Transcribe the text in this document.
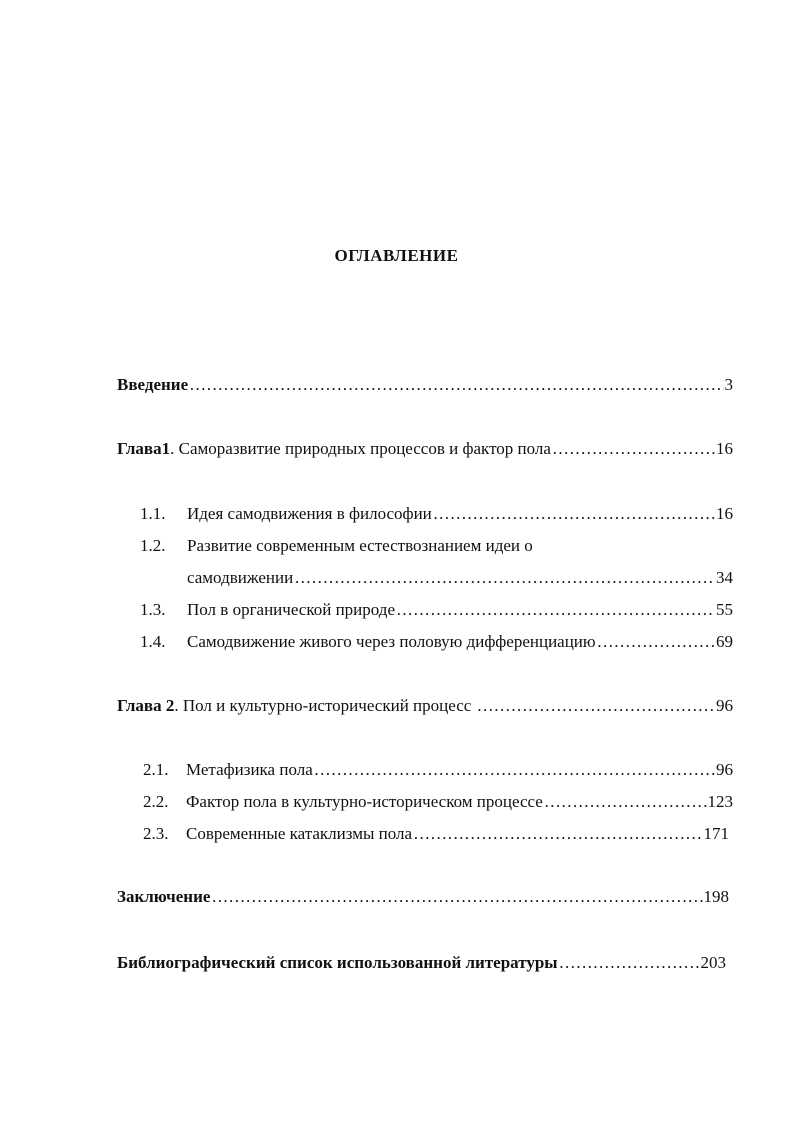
ОГЛАВЛЕНИЕ
Введение …………………………………………………………………………………………………………………………………………………………………………	3
Глава1 . Саморазвитие природных процессов и фактор пола …………………………………………………………………………………………………………………………………………………………………………	16
1.1.	Идея самодвижения в философии …………………………………………………………………………………………………………………………………………………………………………	16
1.2.	Развитие современным естествознанием идеи о
самодвижении …………………………………………………………………………………………………………………………………………………………………………	34
1.3.	Пол в органической природе …………………………………………………………………………………………………………………………………………………………………………	55
1.4.	Самодвижение живого через половую дифференциацию …………………………………………………………………………………………………………………………………………………………………………	69
Глава 2 . Пол и культурно-исторический процесс …………………………………………………………………………………………………………………………………………………………………………	96
2.1.	Метафизика пола …………………………………………………………………………………………………………………………………………………………………………	96
2.2.	Фактор пола в культурно-историческом процессе …………………………………………………………………………………………………………………………………………………………………………	123
2.3.	Современные катаклизмы пола …………………………………………………………………………………………………………………………………………………………………………	171
Заключение …………………………………………………………………………………………………………………………………………………………………………	198
Библиографический список использованной литературы …………………………………………………………………………………………………………………………………………………………………………	203
